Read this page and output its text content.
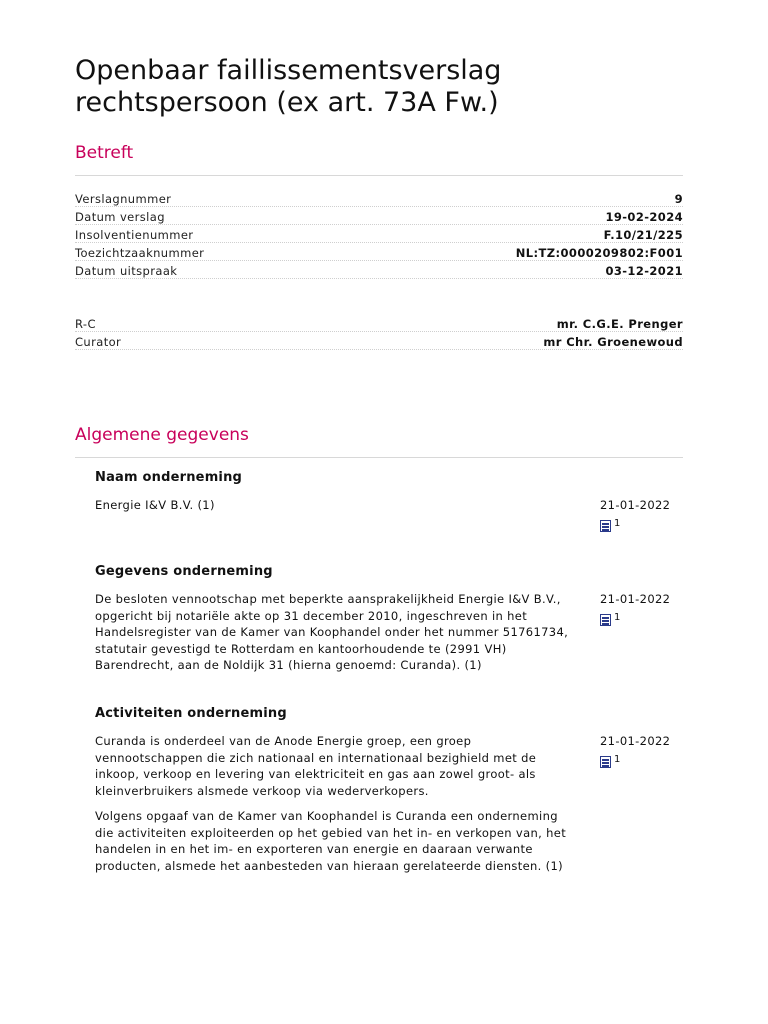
Openbaar faillissementsverslag
rechtspersoon (ex art. 73A Fw.)
Betreft
Verslagnummer	9
Datum verslag	19-02-2024
Insolventienummer	F.10/21/225
Toezichtzaaknummer	NL:TZ:0000209802:F001
Datum uitspraak	03-12-2021
R-C	mr. C.G.E. Prenger
Curator	mr Chr. Groenewoud
Algemene gegevens
Naam onderneming

Energie I&V B.V. (1)	21-01-2022
1
Gegevens onderneming

De besloten vennootschap met beperkte aansprakelijkheid Energie I&V B.V., opgericht bij notariële akte op 31 december 2010, ingeschreven in het Handelsregister van de Kamer van Koophandel onder het nummer 51761734, statutair gevestigd te Rotterdam en kantoorhoudende te (2991 VH) Barendrecht, aan de Noldijk 31 (hierna genoemd: Curanda). (1)

21-01-2022
1
Activiteiten onderneming

Curanda is onderdeel van de Anode Energie groep, een groep vennootschappen die zich nationaal en internationaal bezighield met de inkoop, verkoop en levering van elektriciteit en gas aan zowel groot- als kleinverbruikers alsmede verkoop via wederverkopers.

Volgens opgaaf van de Kamer van Koophandel is Curanda een onderneming die activiteiten exploiteerden op het gebied van het in- en verkopen van, het handelen in en het im- en exporteren van energie en daaraan verwante producten, alsmede het aanbesteden van hieraan gerelateerde diensten. (1)

21-01-2022
1
